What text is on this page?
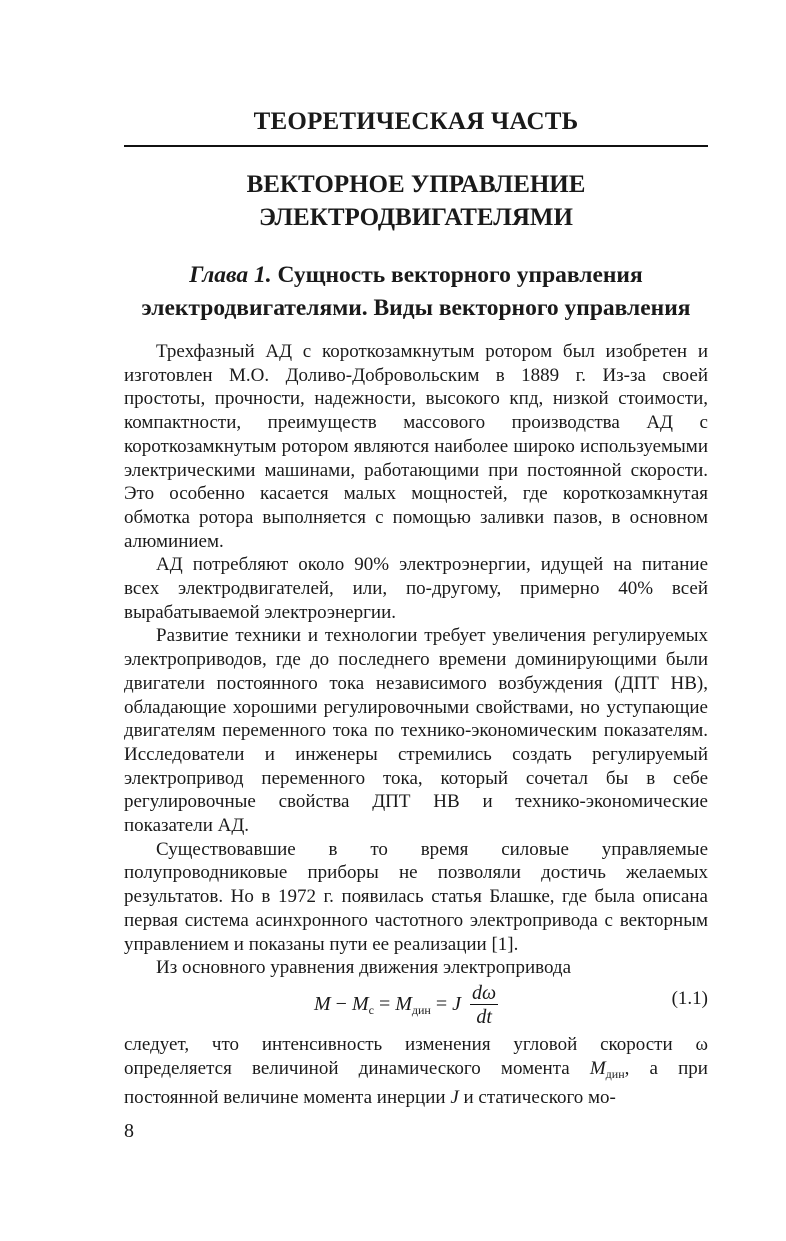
ТЕОРЕТИЧЕСКАЯ ЧАСТЬ
ВЕКТОРНОЕ УПРАВЛЕНИЕ
ЭЛЕКТРОДВИГАТЕЛЯМИ
Глава 1. Сущность векторного управления
электродвигателями. Виды векторного управления

Трехфазный АД с короткозамкнутым ротором был изобретен и изготовлен М.О. Доливо-Добровольским в 1889 г. Из-за своей простоты, прочности, надежности, высокого кпд, низкой стоимости, компактности, преимуществ массового производства АД с короткозамкнутым ротором являются наиболее широко используемыми электрическими машинами, работающими при постоянной скорости. Это особенно касается малых мощностей, где короткозамкнутая обмотка ротора выполняется с помощью заливки пазов, в основном алюминием.

АД потребляют около 90% электроэнергии, идущей на питание всех электродвигателей, или, по-другому, примерно 40% всей вырабатываемой электроэнергии.

Развитие техники и технологии требует увеличения регулируемых электроприводов, где до последнего времени доминирующими были двигатели постоянного тока независимого возбуждения (ДПТ НВ), обладающие хорошими регулировочными свойствами, но уступающие двигателям переменного тока по технико-экономическим показателям. Исследователи и инженеры стремились создать регулируемый электропривод переменного тока, который сочетал бы в себе регулировочные свойства ДПТ НВ и технико-экономические показатели АД.

Существовавшие в то время силовые управляемые полупроводниковые приборы не позволяли достичь желаемых результатов. Но в 1972 г. появилась статья Блашке, где была описана первая система асинхронного частотного электропривода с векторным управлением и показаны пути ее реализации [1].

Из основного уравнения движения электропривода

$M - M_с = M_{дин} = J \frac{d\omega}{dt}$	(1.1)

следует, что интенсивность изменения угловой скорости ω определяется величиной динамического момента $M_{дин}$, а при постоянной величине момента инерции J и статического мо-

8
